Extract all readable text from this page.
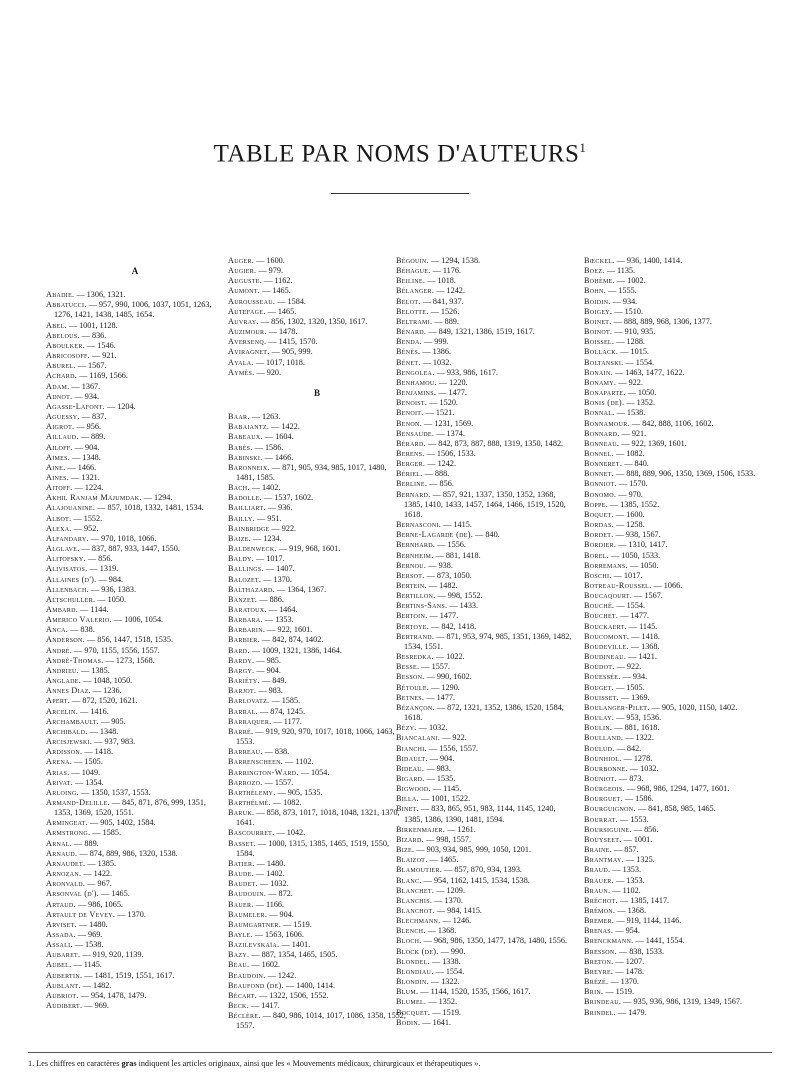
TABLE PAR NOMS D'AUTEURS$^1$
A
Abadie. — 1306, 1321.
Abbatucci. — 957, 990, 1006, 1037, 1051, 1263, 1276, 1421, 1438, 1485, 1654.
Abel. — 1001, 1128.
Abelous. — 836.
Aboulker. — 1546.
Abricosoff. — 921.
Aburel. — 1567.
Achard. — 1169, 1566.
Adam. — 1367.
Adnot. — 934.
Agasse-Lafont. — 1204.
Aguessy. — 837.
Aigrot. — 956.
Aillaud. — 889.
Ailoff. — 904.
Aimes. — 1348.
Aine. — 1466.
Aines. — 1321.
Aitoff. — 1224.
Akhil Ranjam Majumdak. — 1294.
Alajouanine. — 857, 1018, 1332, 1481, 1534.
Albot. — 1552.
Alexa. — 952.
Alfandary. — 970, 1018, 1066.
Alglave. — 837, 887, 933, 1447, 1550.
Alitofsky. — 856.
Alivisatos. — 1319.
Allaines (d'). — 984.
Allenbach. — 936, 1383.
Altschuller. — 1050.
Ambard. — 1144.
Americo Valerio. — 1006, 1054.
Anca. — 838.
Anderson. — 856, 1447, 1518, 1535.
André. — 970, 1155, 1556, 1557.
André-Thomas. — 1273, 1568.
Andrieu. — 1385.
Anglade. — 1048, 1050.
Annes Diaz. — 1236.
Apert. — 872, 1520, 1621.
Arcelin. — 1416.
Archambault. — 905.
Archibald. — 1348.
Arcisjewski. — 937, 983.
Ardisson. — 1418.
Arena. — 1505.
Arias. — 1049.
Arivat. — 1354.
Arloing. — 1350, 1537, 1553.
Armand-Delille. — 845, 871, 876, 999, 1351, 1353, 1369, 1520, 1551.
Armingeat. — 905, 1402, 1584.
Armstrong. — 1585.
Arnal. — 889.
Arnaud. — 874, 889, 986, 1320, 1538.
Arnaudet. — 1385.
Arnozan. — 1422.
Aronvald. — 967.
Arsonval (d'). — 1465.
Artaud. — 986, 1065.
Artault de Vevey. — 1370.
Arviset. — 1480.
Assada. — 969.
Assali. — 1538.
Aubaret. — 919, 920, 1139.
Aubel. — 1145.
Aubertin. — 1481, 1519, 1551, 1617.
Aublant. — 1482.
Aubriot. — 954, 1478, 1479.
Audibert. — 969.
Auger. — 1600.
Augier. — 979.
Auguste. — 1162.
Aumont. — 1465.
Aurousseau. — 1584.
Autefage. — 1465.
Auvray. — 856, 1302, 1320, 1350, 1617.
Auzimour. — 1478.
Aversenq. — 1415, 1570.
Aviragnet. — 905, 999.
Ayala. — 1017, 1018.
Aymès. — 920.
B
Baar. — 1263.
Babaiantz. — 1422.
Babeaux. — 1604.
Babès. — 1586.
Babinski. — 1466.
Baronneix. — 871, 905, 934, 985, 1017, 1480, 1481, 1585.
Bach. — 1402.
Badolle. — 1537, 1602.
Bailliart. — 936.
Bailly. — 951.
Bainbridge — 922.
Baize. — 1234.
Baldenweck. — 919, 968, 1601.
Baldy. — 1017.
Ballings. — 1407.
Balozet. — 1370.
Balthazard. — 1364, 1367.
Banzet. — 886.
Baratoux. — 1464.
Barbara. — 1353.
Barbarin. — 922, 1601.
Barbier. — 842, 874, 1402.
Bard. — 1009, 1321, 1386, 1464.
Bardy. — 985.
Bargy. — 904.
Bariéty. — 849.
Barjot. — 983.
Barlovatz. — 1585.
Barral. — 874, 1245.
Barraquer. — 1177.
Barré. — 919, 920, 970, 1017, 1018, 1066, 1463, 1553.
Barreau. — 838.
Barrenscheen. — 1102.
Barrington-Ward. — 1054.
Barrozo. — 1557.
Barthélemy. — 905, 1535.
Barthélmé. — 1082.
Baruk. — 858, 873, 1017, 1018, 1048, 1321, 1370, 1641.
Bascourret. — 1042.
Basset. — 1000, 1315, 1385, 1465, 1519, 1550, 1584.
Batier. — 1480.
Baude. — 1402.
Baudet. — 1032.
Baudouin. — 872.
Bauer. — 1166.
Baumeler. — 904.
Baumgartner. — 1519.
Bayle. — 1563, 1606.
Bazilevskaïa. — 1401.
Bazy. — 887, 1354, 1465, 1505.
Beau. — 1602.
Beaudoin. — 1242.
Beaufond (de). — 1400, 1414.
Bécart. — 1322, 1506, 1552.
Beck. — 1417.
Béclère. — 840, 986, 1014, 1017, 1086, 1358, 1552, 1557.
Bégouin. — 1294, 1538.
Béhague. — 1176.
Beiline. — 1018.
Bélanger. — 1242.
Belot. — 841, 937.
Belotte. — 1526.
Beltrami. — 889.
Bénard. — 849, 1321, 1386, 1519, 1617.
Benda. — 999.
Bénès. — 1386.
Bénet. — 1032.
Bengolea. — 933, 986, 1617.
Benhamou. — 1220.
Benjamins. — 1477.
Benoist. — 1520.
Benoit. — 1521.
Benon. — 1231, 1569.
Bensaude. — 1374.
Bérard. — 842, 873, 887, 888, 1319, 1350, 1482.
Berens. — 1506, 1533.
Berger. — 1242.
Bériel. — 888.
Berline. — 856.
Bernard. — 857, 921, 1337, 1350, 1352, 1368, 1385, 1410, 1433, 1457, 1464, 1466, 1519, 1520, 1618.
Bernasconi. — 1415.
Berne-Lagarde (de). — 840.
Bernhard. — 1556.
Bernheim. — 881, 1418.
Bernou. — 938.
Bersot. — 873, 1050.
Bertein. — 1482.
Bertillon. — 998, 1552.
Bertins-Sans. — 1433.
Bertoin. — 1477.
Bertoye. — 842, 1418.
Bertrand. — 871, 953, 974, 985, 1351, 1369, 1482, 1534, 1551.
Besredka. — 1022.
Besse. — 1557.
Besson. — 990, 1602.
Bétoule. — 1290.
Betnes. — 1477.
Bézançon. — 872, 1321, 1352, 1386, 1520, 1584, 1618.
Bézy. — 1032.
Biancalani. — 922.
Bianchi. — 1556, 1557.
Bidault. — 904.
Bideau. — 983.
Bigard. — 1535.
Bigwood. — 1145.
Billa. — 1001, 1522.
Binet. — 833, 865, 951, 983, 1144, 1145, 1240, 1385, 1386, 1390, 1481, 1594.
Birkenmajer. — 1261.
Bizard. — 998, 1557.
Bize. — 903, 934, 985, 999, 1050, 1201.
Blaizot. — 1465.
Blamoutier. — 857, 870, 934, 1393.
Blanc. — 954, 1162, 1415, 1534, 1538.
Blanchet. — 1209.
Blanchis. — 1370.
Blanchot. — 984, 1415.
Blechmann. — 1246.
Blench. — 1368.
Bloch. — 968, 986, 1350, 1477, 1478, 1480, 1556.
Block (de). — 990.
Blondel. — 1338.
Blondiau. — 1554.
Blondin. — 1322.
Blum. — 1144, 1520, 1535, 1566, 1617.
Blumel. — 1352.
Bocquet. — 1519.
Bodin. — 1641.
Bœckel. — 936, 1400, 1414.
Boez. — 1135.
Bohème. — 1002.
Bohn. — 1555.
Boidin. — 934.
Boigey. — 1510.
Boinet. — 888, 889, 968, 1306, 1377.
Boinot. — 910, 935.
Boissel. — 1288.
Bollack. — 1015.
Boltanski. — 1554.
Bonain. — 1463, 1477, 1622.
Bonamy. — 922.
Bonaparte. — 1050.
Bonis (de). — 1352.
Bonnal. — 1538.
Bonnamour. — 842, 888, 1106, 1602.
Bonnard. — 921.
Bonneau. — 922, 1369, 1601.
Bonnel. — 1082.
Bonneret. — 840.
Bonnet. — 888, 889, 906, 1350, 1369, 1506, 1533.
Bonniot. — 1570.
Bonomo. — 970.
Boppe. — 1385, 1552.
Boquet. — 1600.
Bordas. — 1258.
Bordet. — 938, 1567.
Bordier. — 1310, 1417.
Borel. — 1050, 1533.
Borremans. — 1050.
Boschi. — 1017.
Botreau-Roussel. — 1066.
Boucaqourt. — 1567.
Bouché. — 1554.
Bouchet. — 1477.
Bouckaert. — 1145.
Boucomont. — 1418.
Boudeville. — 1368.
Boudineau. — 1421.
Boudot. — 922.
Bouessée. — 934.
Bouget. — 1505.
Bouisset. — 1369.
Boulanger-Pilet. — 905, 1020, 1150, 1402.
Boulay. — 953, 1536.
Boulin. — 881, 1618.
Boulland. — 1322.
Boulud. — 842.
Bounhiol. — 1278.
Bourbonne. — 1032.
Bouniot. — 873.
Bourgeois. — 968, 986, 1294, 1477, 1601.
Bourguet. — 1586.
Bourguignon. — 841, 858, 985, 1465.
Bourrat. — 1553.
Boursiguine. — 856.
Bouyseet. — 1001.
Braine. — 857.
Brantmay. — 1325.
Braud. — 1353.
Brauer. — 1353.
Braun. — 1102.
Bréchot. — 1385, 1417.
Brémon. — 1368.
Bremer. — 919, 1144, 1146.
Brenas. — 954.
Brenckmann. — 1441, 1554.
Bresson. — 838, 1533.
Breton. — 1207.
Breyre. — 1478.
Brézé. — 1370.
Brin. — 1519.
Brindeau. — 935, 936, 986, 1319, 1349, 1567.
Brindel. — 1479.
1. Les chiffres en caractères gras indiquent les articles originaux, ainsi que les « Mouvements médicaux, chirurgicaux et thérapeutiques ».
